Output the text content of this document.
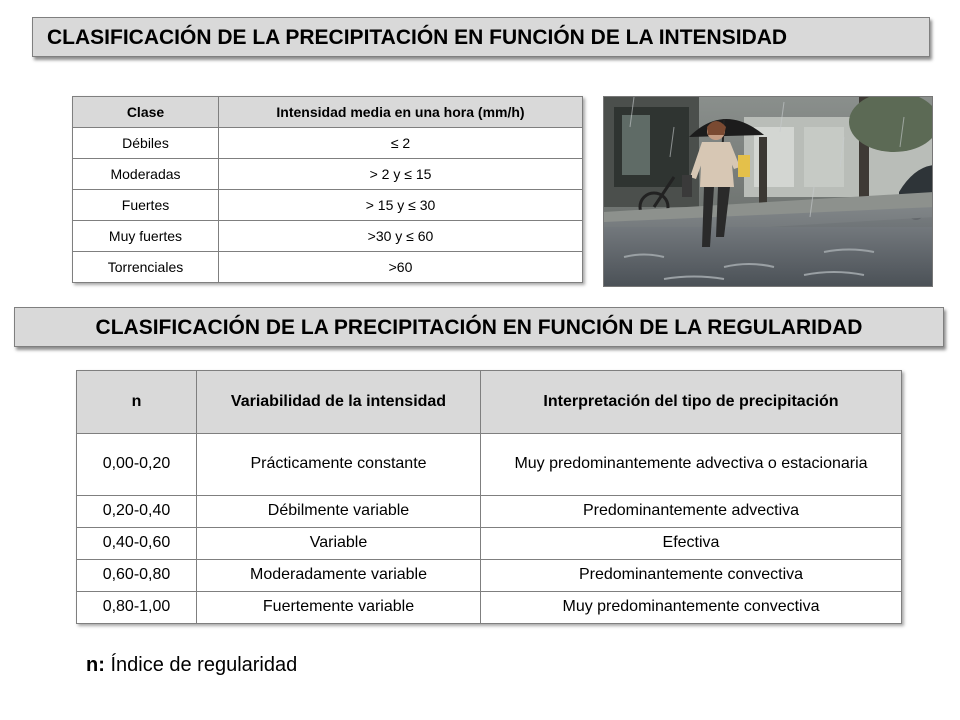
CLASIFICACIÓN DE LA PRECIPITACIÓN EN FUNCIÓN DE LA INTENSIDAD
Clase	Intensidad media en una hora (mm/h)
Débiles	≤ 2
Moderadas	> 2 y ≤ 15
Fuertes	> 15 y ≤ 30
Muy fuertes	>30 y ≤ 60
Torrenciales	>60
CLASIFICACIÓN DE LA PRECIPITACIÓN EN FUNCIÓN DE LA REGULARIDAD
n	Variabilidad de la intensidad	Interpretación del tipo de precipitación
0,00-0,20	Prácticamente constante	Muy predominantemente advectiva o estacionaria
0,20-0,40	Débilmente variable	Predominantemente advectiva
0,40-0,60	Variable	Efectiva
0,60-0,80	Moderadamente variable	Predominantemente convectiva
0,80-1,00	Fuertemente variable	Muy predominantemente convectiva
n: Índice de regularidad
